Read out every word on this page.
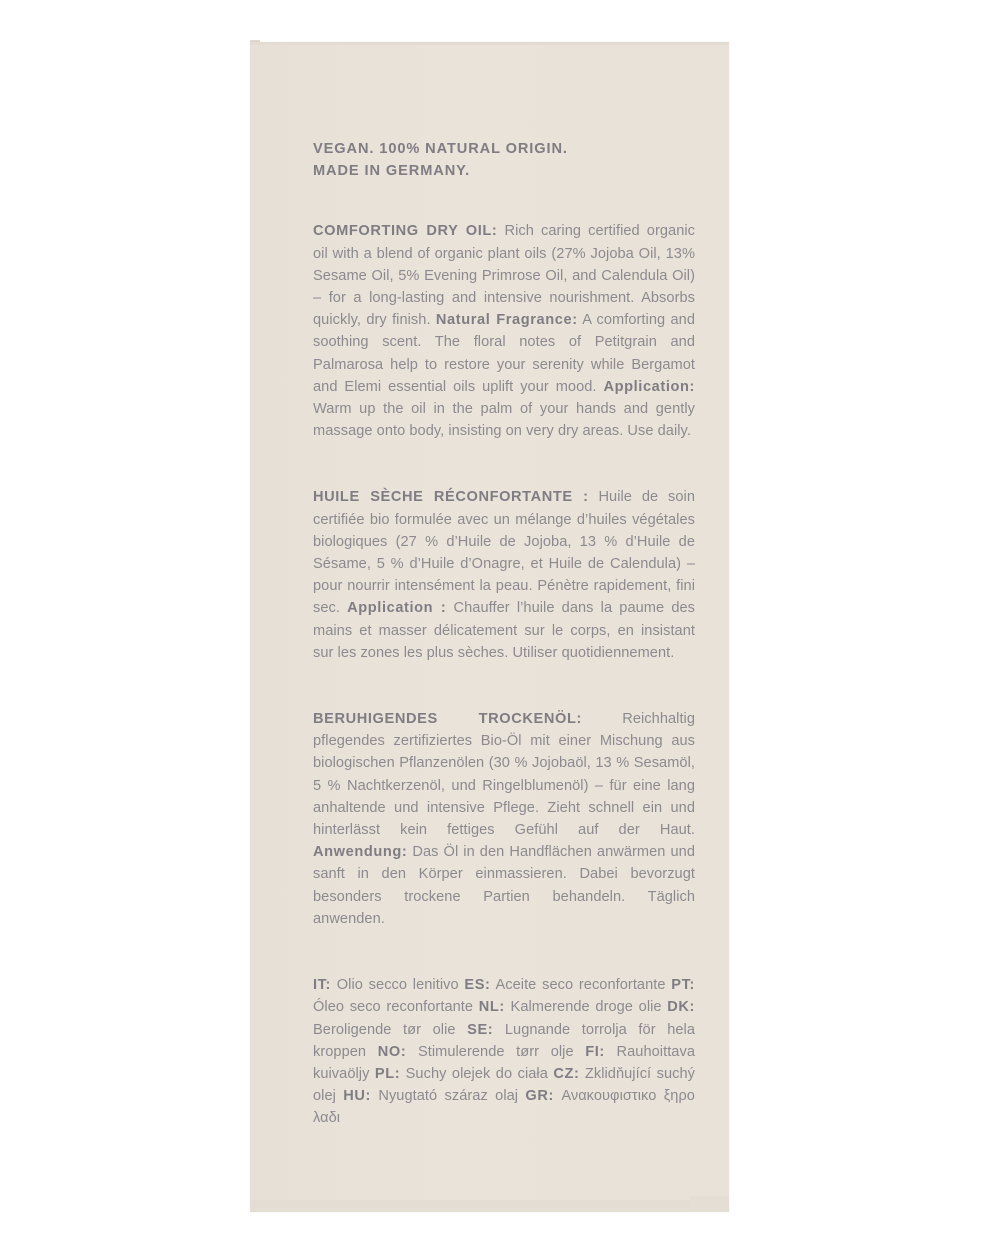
VEGAN. 100% NATURAL ORIGIN.
MADE IN GERMANY.

COMFORTING DRY OIL: Rich caring certified organic oil with a blend of organic plant oils (27% Jojoba Oil, 13% Sesame Oil, 5% Evening Primrose Oil, and Calendula Oil) – for a long-lasting and intensive nourishment. Absorbs quickly, dry finish. Natural Fragrance: A comforting and soothing scent. The floral notes of Petitgrain and Palmarosa help to restore your serenity while Bergamot and Elemi essential oils uplift your mood. Application: Warm up the oil in the palm of your hands and gently massage onto body, insisting on very dry areas. Use daily.

HUILE SÈCHE RÉCONFORTANTE : Huile de soin certifiée bio formulée avec un mélange d’huiles végétales biologiques (27 % d’Huile de Jojoba, 13 % d’Huile de Sésame, 5 % d’Huile d’Onagre, et Huile de Calendula) – pour nourrir intensément la peau. Pénètre rapidement, fini sec. Application : Chauffer l’huile dans la paume des mains et masser délicatement sur le corps, en insistant sur les zones les plus sèches. Utiliser quotidiennement.

BERUHIGENDES TROCKENÖL: Reichhaltig pflegendes zertifiziertes Bio-Öl mit einer Mischung aus biologischen Pflanzenölen (30 % Jojobaöl, 13 % Sesamöl, 5 % Nachtkerzenöl, und Ringelblumenöl) – für eine lang anhaltende und intensive Pflege. Zieht schnell ein und hinterlässt kein fettiges Gefühl auf der Haut. Anwendung: Das Öl in den Handflächen anwärmen und sanft in den Körper einmassieren. Dabei bevorzugt besonders trockene Partien behandeln. Täglich anwenden.

IT: Olio secco lenitivo ES: Aceite seco reconfortante PT: Óleo seco reconfortante NL: Kalmerende droge olie DK: Beroligende tør olie SE: Lugnande torrolja för hela kroppen NO: Stimulerende tørr olje FI: Rauhoittava kuivaöljy PL: Suchy olejek do ciała CZ: Zklidňující suchý olej HU: Nyugtató száraz olaj GR: Ανακουφιστικο ξηρο λαδι
